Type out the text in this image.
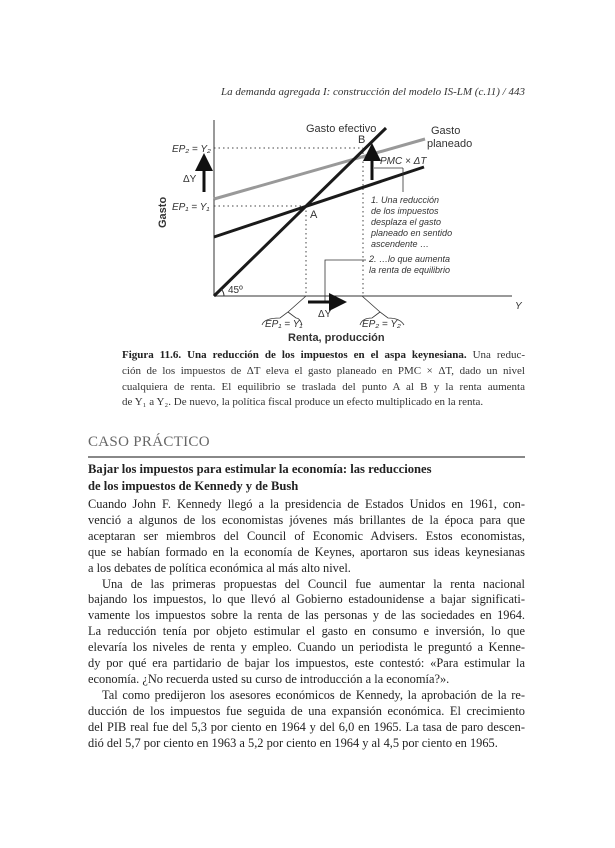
La demanda agregada I: construcción del modelo IS-LM (c.11) / 443
45º
Gasto
EP₂ = Y₂
EP₁ = Y₁
ΔY
Gasto efectivo	Gasto
planeado
B
A
PMC × ΔT
1. Una reducción
de los impuestos
desplaza el gasto
planeado en sentido
ascendente …
2. …lo que aumenta
la renta de equilibrio
Y
ΔY
EP₁ = Y₁	EP₂ = Y₂
Renta, producción
Figura 11.6. Una reducción de los impuestos en el aspa keynesiana. Una reduc-
ción de los impuestos de ΔT eleva el gasto planeado en PMC × ΔT, dado un nivel
cualquiera de renta. El equilibrio se traslada del punto A al B y la renta aumenta
de Y₁ a Y₂. De nuevo, la política fiscal produce un efecto multiplicado en la renta.
CASO PRÁCTICO
Bajar los impuestos para estimular la economía: las reducciones
de los impuestos de Kennedy y de Bush
Cuando John F. Kennedy llegó a la presidencia de Estados Unidos en 1961, con-
venció a algunos de los economistas jóvenes más brillantes de la época para que
aceptaran ser miembros del Council of Economic Advisers. Estos economistas,
que se habían formado en la economía de Keynes, aportaron sus ideas keynesianas
a los debates de política económica al más alto nivel.
Una de las primeras propuestas del Council fue aumentar la renta nacional
bajando los impuestos, lo que llevó al Gobierno estadounidense a bajar significati-
vamente los impuestos sobre la renta de las personas y de las sociedades en 1964.
La reducción tenía por objeto estimular el gasto en consumo e inversión, lo que
elevaría los niveles de renta y empleo. Cuando un periodista le preguntó a Kenne-
dy por qué era partidario de bajar los impuestos, este contestó: «Para estimular la
economía. ¿No recuerda usted su curso de introducción a la economía?».
Tal como predijeron los asesores económicos de Kennedy, la aprobación de la re-
ducción de los impuestos fue seguida de una expansión económica. El crecimiento
del PIB real fue del 5,3 por ciento en 1964 y del 6,0 en 1965. La tasa de paro descen-
dió del 5,7 por ciento en 1963 a 5,2 por ciento en 1964 y al 4,5 por ciento en 1965.
